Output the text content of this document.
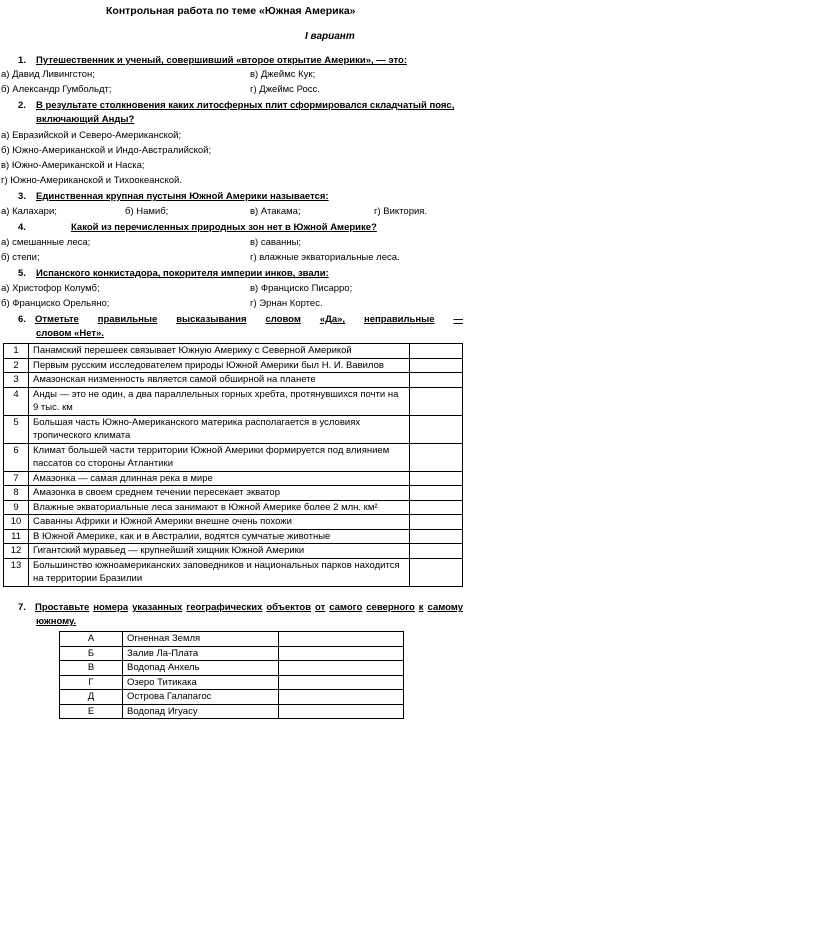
Контрольная работа по теме «Южная Америка»
I вариант
1. Путешественник и ученый, совершивший «второе открытие Америки», — это:
а) Давид Ливингстон;	в) Джеймс Кук;
б) Александр Гумбольдт;	г) Джеймс Росс.
2. В результате столкновения каких литосферных плит сформировался складчатый пояс,
включающий Анды?
а) Евразийской и Северо-Американской;
б) Южно-Американской и Индо-Австралийской;
в) Южно-Американской и Наска;
г) Южно-Американской и Тихоокеанской.
3. Единственная крупная пустыня Южной Америки называется:
а) Калахари;	б) Намиб;	в) Атакама;	г) Виктория.
4.	Какой из перечисленных природных зон нет в Южной Америке?
а) смешанные леса;	в) саванны;
б) степи;	г) влажные экваториальные леса.
5. Испанского конкистадора, покорителя империи инков, звали:
а) Христофор Колумб;	в) Франциско Писарро;
б) Франциско Орельяно;	г) Эрнан Кортес.
6. Отметьте правильные высказывания словом «Да», неправильные —
словом «Нет».
1	Панамский перешеек связывает Южную Америку с Северной Америкой	
2	Первым русским исследователем природы Южной Америки был Н. И. Вавилов	
3	Амазонская низменность является самой обширной на планете	
4	Анды — это не один, а два параллельных горных хребта, протянувшихся почти на 9 тыс. км	
5	Большая часть Южно-Американского материка располагается в условиях тропического климата	
6	Климат большей части территории Южной Америки формируется под влиянием пассатов со стороны Атлантики	
7	Амазонка — самая длинная река в мире	
8	Амазонка в своем среднем течении пересекает экватор	
9	Влажные экваториальные леса занимают в Южной Америке более 2 млн. км²	
10	Саванны Африки и Южной Америки внешне очень похожи	
11	В Южной Америке, как и в Австралии, водятся сумчатые животные	
12	Гигантский муравьед — крупнейший хищник Южной Америки	
13	Большинство южноамериканских заповедников и национальных парков находится на территории Бразилии	
7. Проставьте номера указанных географических объектов от самого северного к самому
южному.
А	Огненная Земля	
Б	Залив Ла-Плата	
В	Водопад Анхель	
Г	Озеро Титикака	
Д	Острова Галапагос	
Е	Водопад Игуасу	
